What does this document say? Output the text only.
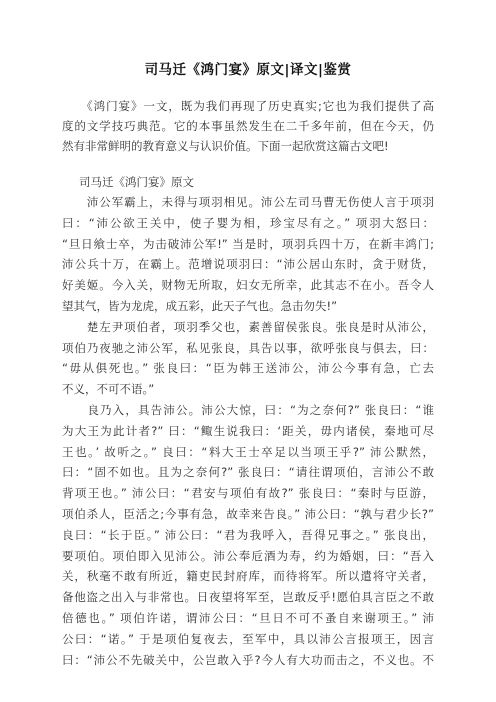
司马迁《鸿门宴》原文|译文|鉴赏

　　《鸿门宴》一文，既为我们再现了历史真实;它也为我们提供了高

度的文学技巧典范。它的本事虽然发生在二千多年前，但在今天，仍

然有非常鲜明的教育意义与认识价值。下面一起欣赏这篇古文吧!

司马迁《鸿门宴》原文

　　沛公军霸上，未得与项羽相见。沛公左司马曹无伤使人言于项羽

曰：“沛公欲王关中，使子婴为相，珍宝尽有之。” 项羽大怒曰：

“旦日飨士卒，为击破沛公军!” 当是时，项羽兵四十万，在新丰鸿门;

沛公兵十万，在霸上。范增说项羽曰：“沛公居山东时，贪于财货，

好美姬。今入关，财物无所取，妇女无所幸，此其志不在小。吾令人

望其气，皆为龙虎，成五彩，此天子气也。急击勿失!”

　　楚左尹项伯者，项羽季父也，素善留侯张良。张良是时从沛公，

项伯乃夜驰之沛公军，私见张良，具告以事，欲呼张良与俱去，曰：

“毋从俱死也。” 张良曰：“臣为韩王送沛公，沛公今事有急，亡去

不义，不可不语。”

　　良乃入，具告沛公。沛公大惊，曰：“为之奈何?” 张良曰：“谁

为大王为此计者?” 曰：“鲰生说我曰：‘距关，毋内诸侯，秦地可尽

王也。’ 故听之。” 良曰：“料大王士卒足以当项王乎?” 沛公默然，

曰：“固不如也。且为之奈何?” 张良曰：“请往谓项伯，言沛公不敢

背项王也。” 沛公曰：“君安与项伯有故?” 张良曰：“秦时与臣游，

项伯杀人，臣活之;今事有急，故幸来告良。” 沛公曰：“孰与君少长?”

良曰：“长于臣。” 沛公曰：“君为我呼入，吾得兄事之。” 张良出，

要项伯。项伯即入见沛公。沛公奉卮酒为寿，约为婚姻，曰：“吾入

关，秋毫不敢有所近，籍吏民封府库，而待将军。所以遣将守关者，

备他盗之出入与非常也。日夜望将军至，岂敢反乎!愿伯具言臣之不敢

倍德也。” 项伯许诺，谓沛公曰：“旦日不可不蚤自来谢项王。” 沛

公曰：“诺。” 于是项伯复夜去，至军中，具以沛公言报项王，因言

曰：“沛公不先破关中，公岂敢入乎?今人有大功而击之，不义也。不
